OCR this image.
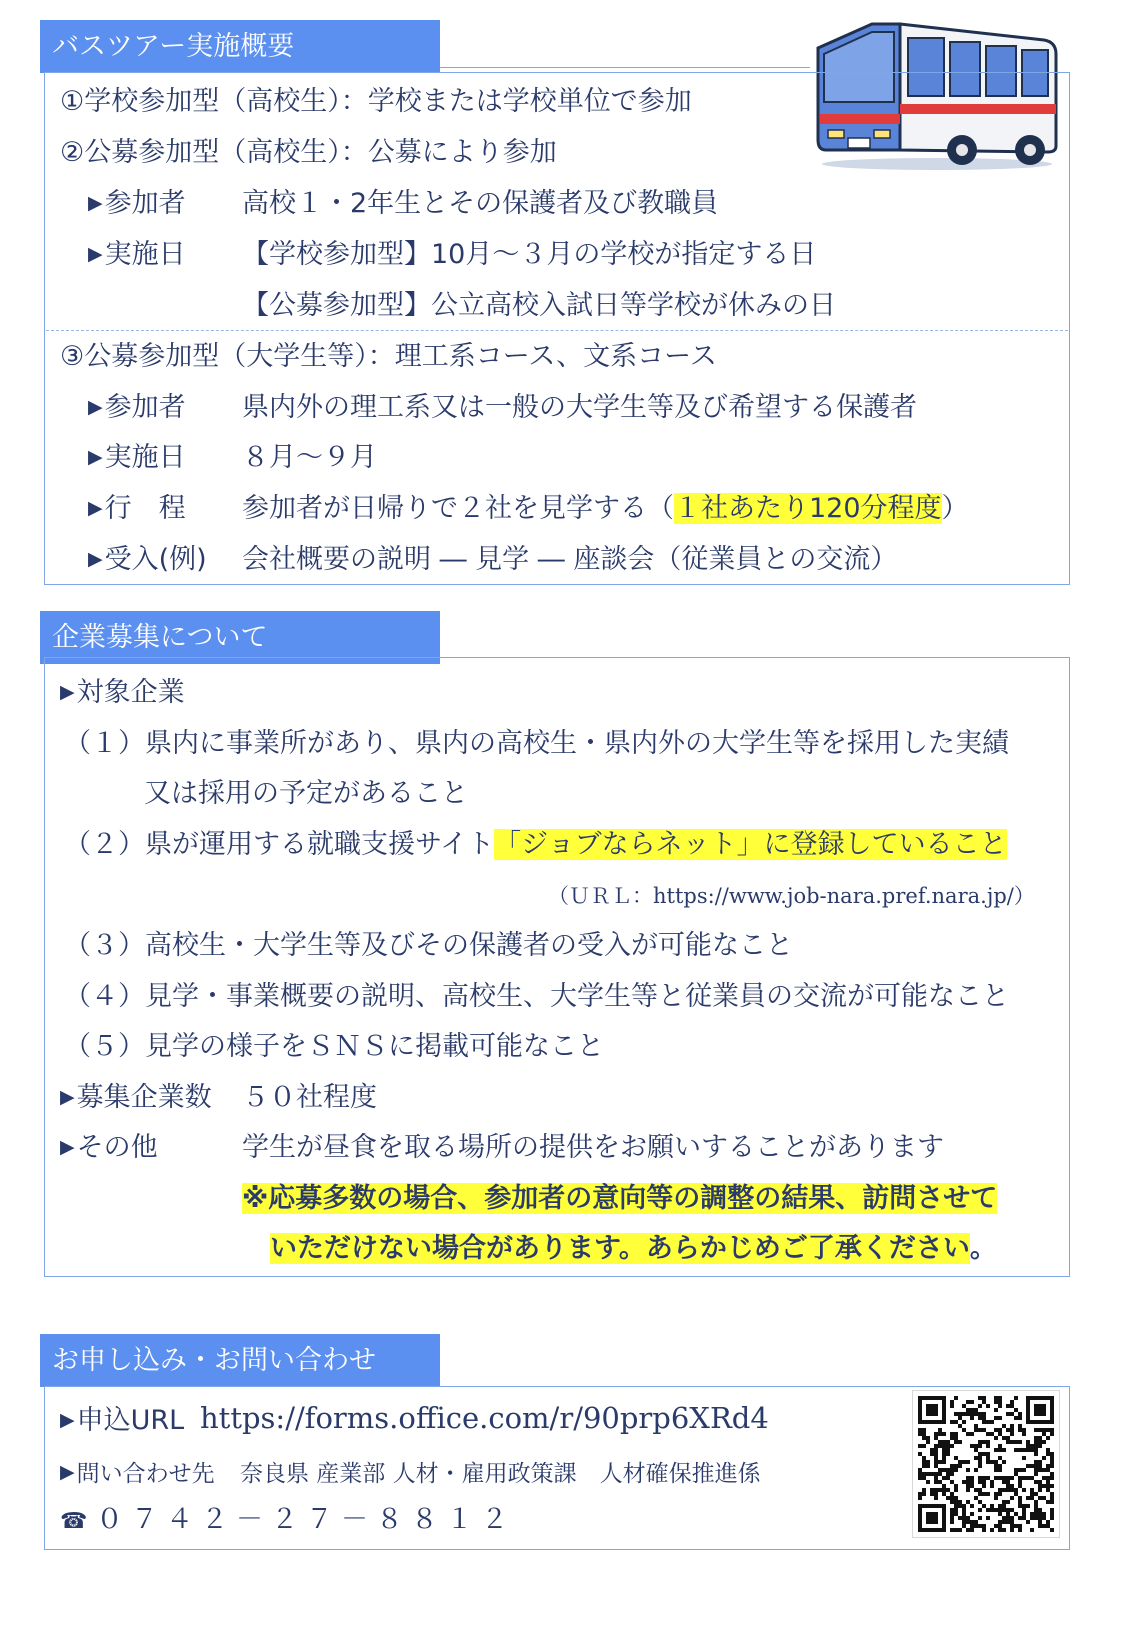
バスツアー実施概要
①学校参加型（高校生）：学校または学校単位で参加
②公募参加型（高校生）：公募により参加
▶参加者 高校１・2年生とその保護者及び教職員
▶実施日 【学校参加型】10月～３月の学校が指定する日
【公募参加型】公立高校入試日等学校が休みの日
③公募参加型（大学生等）：理工系コース、文系コース
▶参加者 県内外の理工系又は一般の大学生等及び希望する保護者
▶実施日 ８月～９月
▶行　程 参加者が日帰りで２社を見学する（１社あたり120分程度）
▶受入(例) 会社概要の説明 ― 見学 ― 座談会（従業員との交流）
企業募集について
▶対象企業
（１）県内に事業所があり、県内の高校生・県内外の大学生等を採用した実績
又は採用の予定があること
（２）県が運用する就職支援サイト「ジョブならネット」に登録していること
（ＵＲＬ：https://www.job-nara.pref.nara.jp/）
（３）高校生・大学生等及びその保護者の受入が可能なこと
（４）見学・事業概要の説明、高校生、大学生等と従業員の交流が可能なこと
（５）見学の様子をＳＮＳに掲載可能なこと
▶募集企業数 ５０社程度
▶その他	学生が昼食を取る場所の提供をお願いすることがあります
※応募多数の場合、参加者の意向等の調整の結果、訪問させて
いただけない場合があります。あらかじめご了承ください。
お申し込み・お問い合わせ
▶申込URL https://forms.office.com/r/90prp6XRd4
▶問い合わせ先 奈良県 産業部 人材・雇用政策課　人材確保推進係
☎ ０７４２－２７－８８１２
